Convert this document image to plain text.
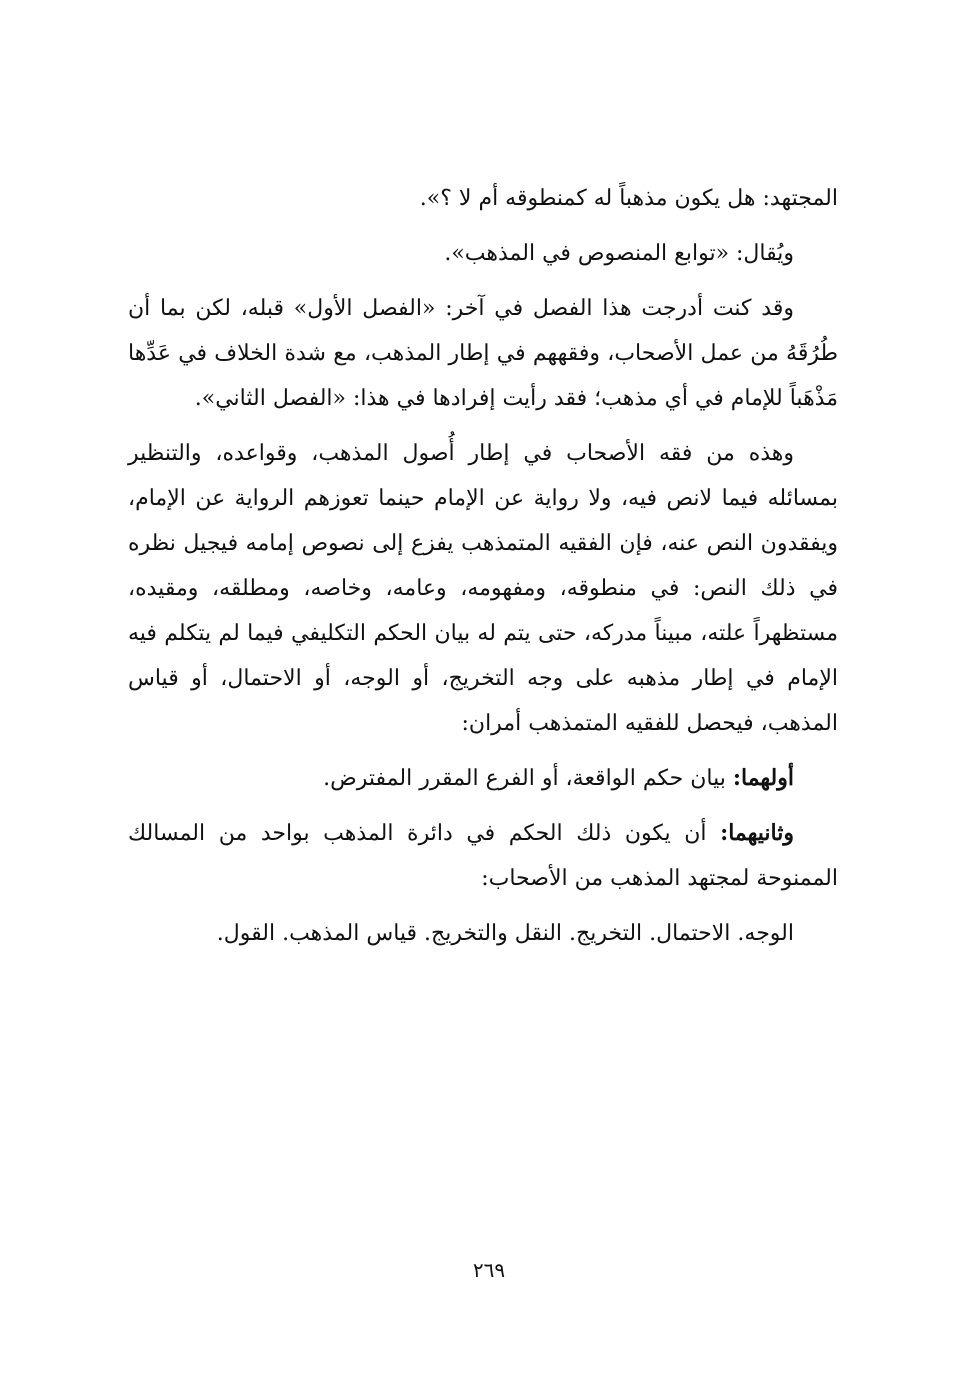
المجتهد: هل يكون مذهباً له كمنطوقه أم لا ؟».

ويُقال: «توابع المنصوص في المذهب».

وقد كنت أدرجت هذا الفصل في آخر: «الفصل الأول» قبله، لكن بما أن طُرُقَهُ من عمل الأصحاب، وفقههم في إطار المذهب، مع شدة الخلاف في عَدِّها مَذْهَباً للإمام في أي مذهب؛ فقد رأيت إفرادها في هذا: «الفصل الثاني».

وهذه من فقه الأصحاب في إطار أُصول المذهب، وقواعده، والتنظير بمسائله فيما لانص فيه، ولا رواية عن الإمام حينما تعوزهم الرواية عن الإمام، ويفقدون النص عنه، فإن الفقيه المتمذهب يفزع إلى نصوص إمامه فيجيل نظره في ذلك النص: في منطوقه، ومفهومه، وعامه، وخاصه، ومطلقه، ومقيده، مستظهراً علته، مبيناً مدركه، حتى يتم له بيان الحكم التكليفي فيما لم يتكلم فيه الإمام في إطار مذهبه على وجه التخريج، أو الوجه، أو الاحتمال، أو قياس المذهب، فيحصل للفقيه المتمذهب أمران:

أولهما: بيان حكم الواقعة، أو الفرع المقرر المفترض.

وثانيهما: أن يكون ذلك الحكم في دائرة المذهب بواحد من المسالك الممنوحة لمجتهد المذهب من الأصحاب:

الوجه. الاحتمال. التخريج. النقل والتخريج. قياس المذهب. القول.

٢٦٩
